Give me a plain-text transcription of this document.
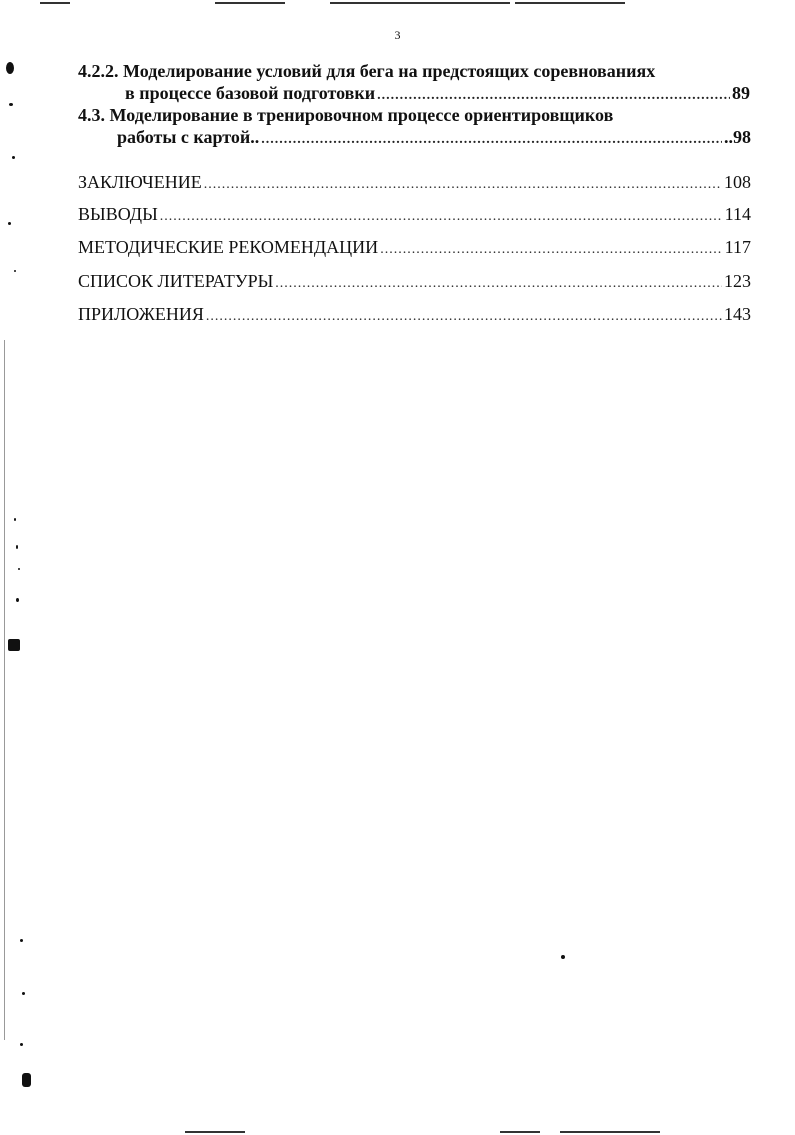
3
4.2.2. Моделирование условий для бега на предстоящих соревнованиях
в процессе базовой подготовки .....	89
4.3. Моделирование в тренировочном процессе ориентировщиков
работы с картой.. .....	..98
ЗАКЛЮЧЕНИЕ .....	108
ВЫВОДЫ .....	114
МЕТОДИЧЕСКИЕ РЕКОМЕНДАЦИИ .....	117
СПИСОК ЛИТЕРАТУРЫ .....	123
ПРИЛОЖЕНИЯ .....	143
